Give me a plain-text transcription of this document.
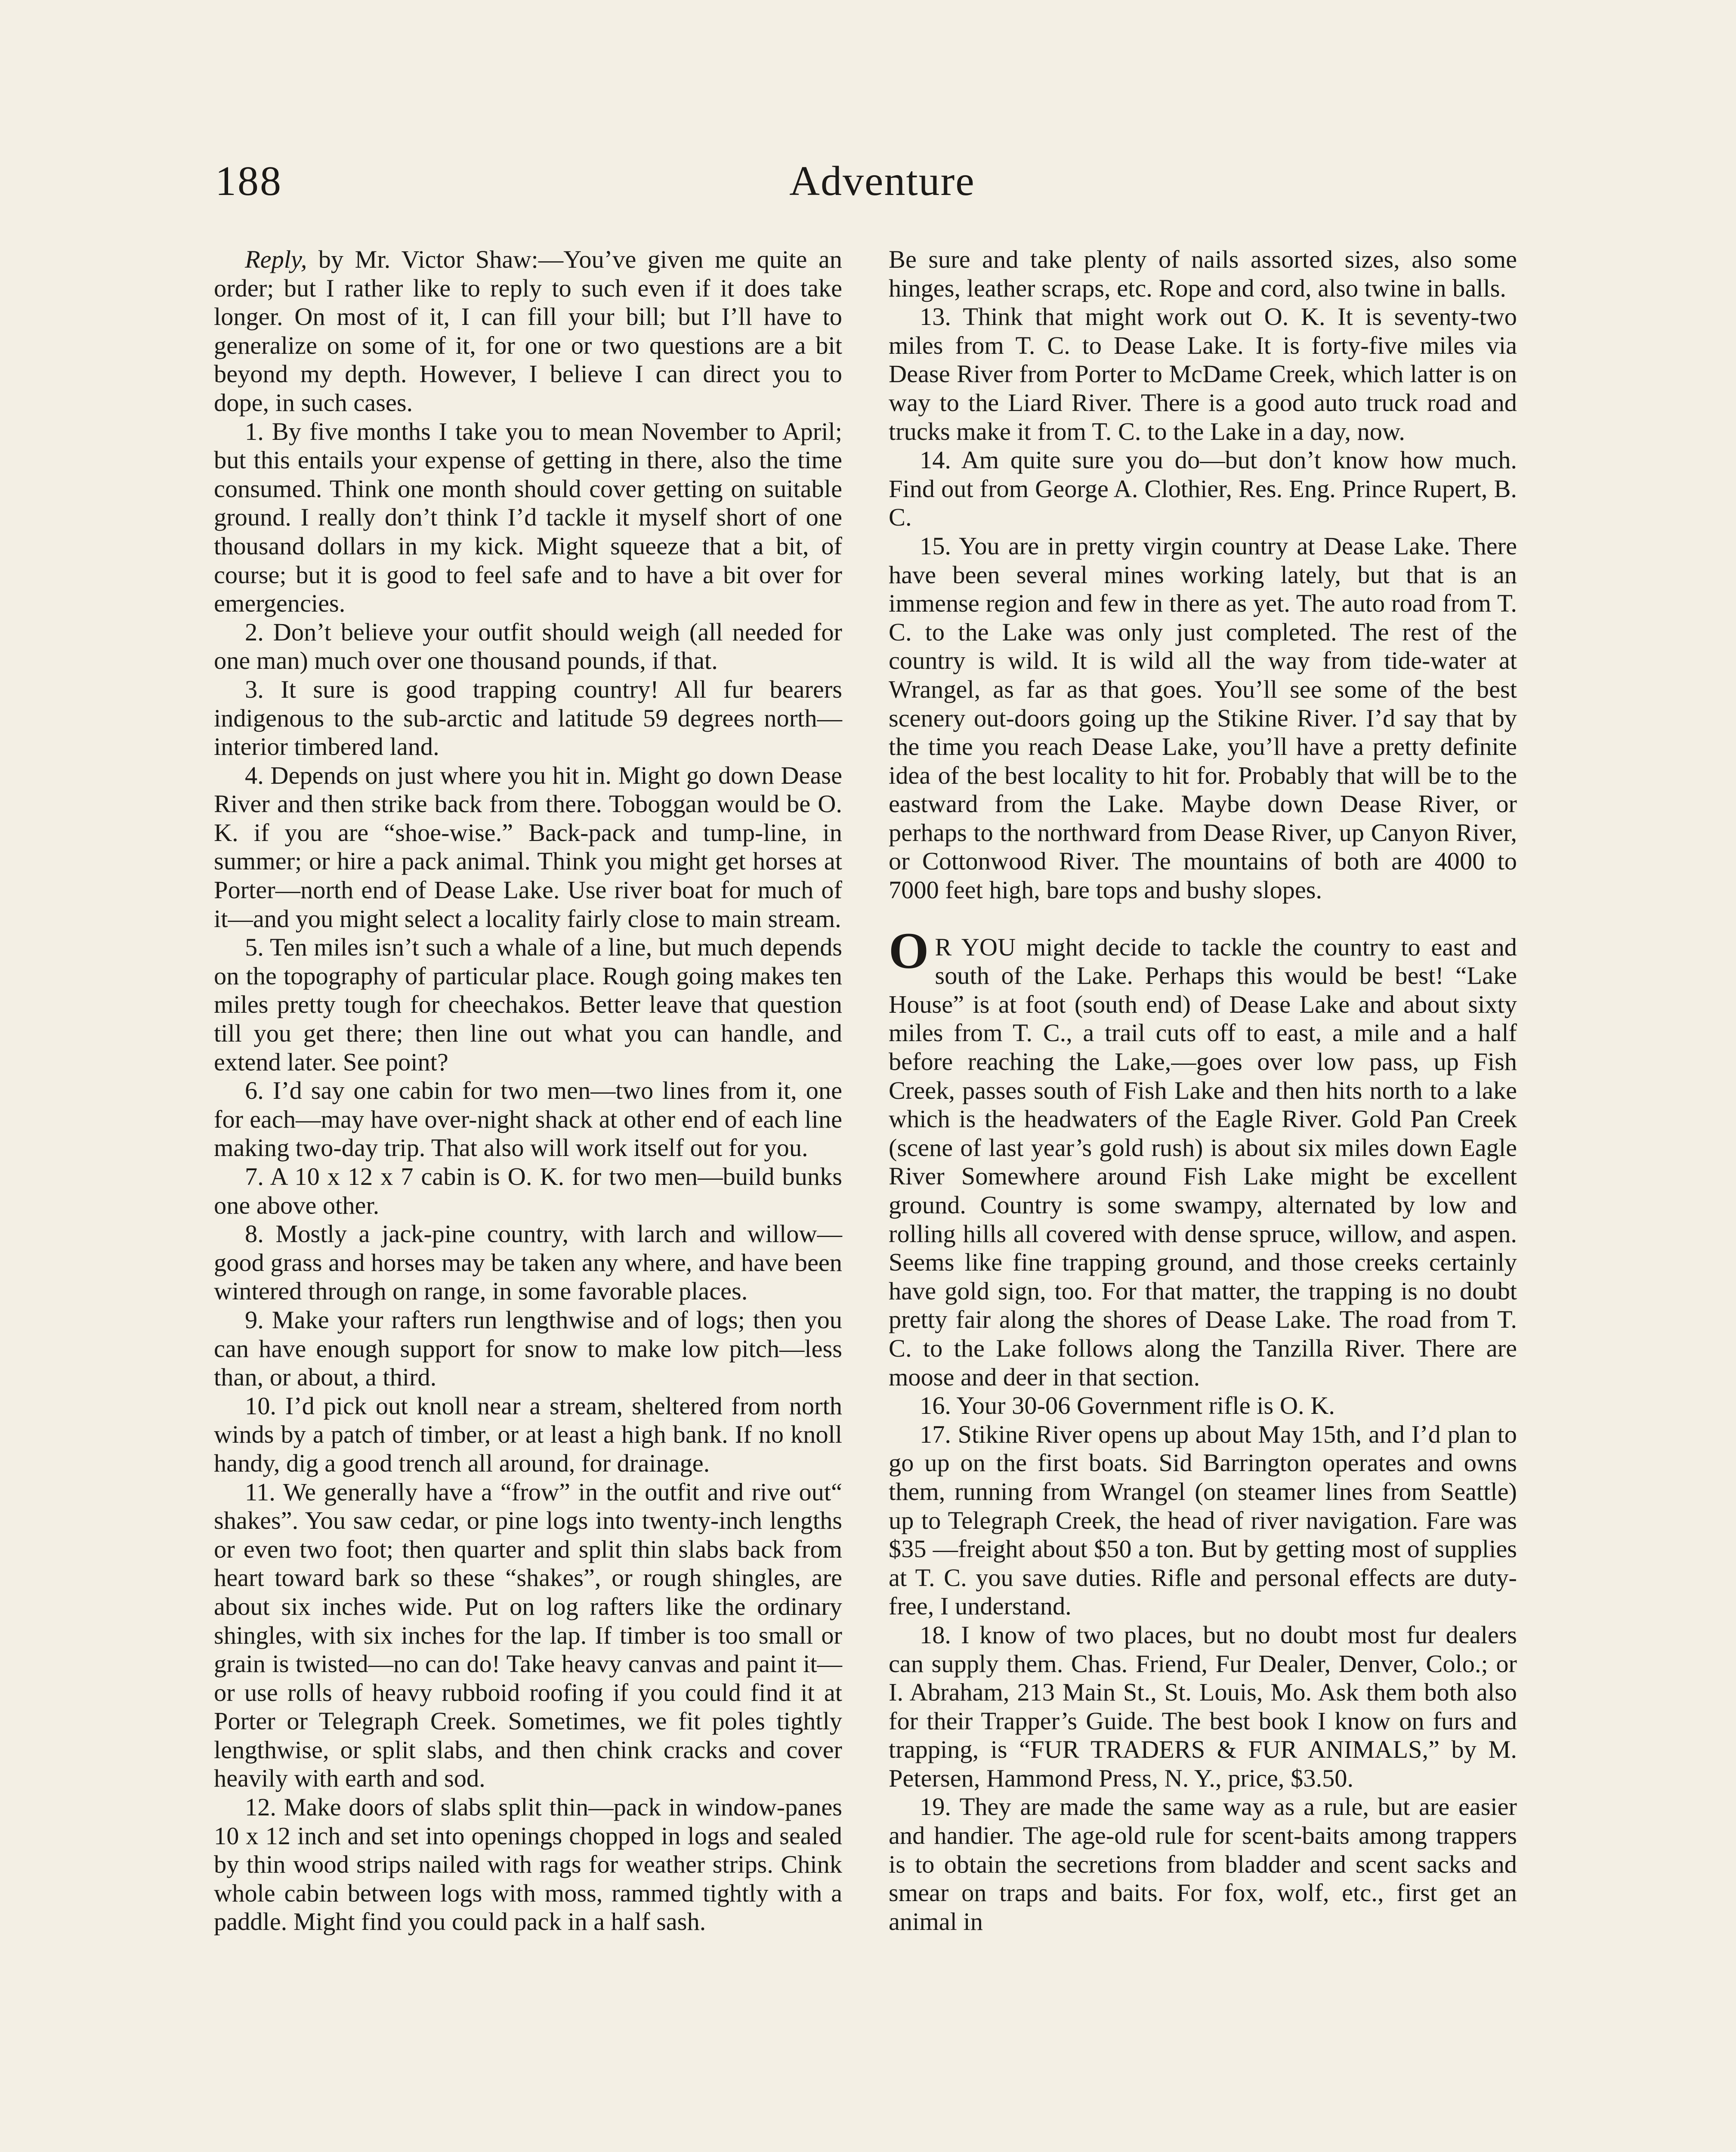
188	Adventure

Reply, by Mr. Victor Shaw:—You’ve given me quite an order; but I rather like to reply to such even if it does take longer. On most of it, I can fill your bill; but I’ll have to generalize on some of it, for one or two questions are a bit beyond my depth. However, I believe I can direct you to dope, in such cases.

1. By five months I take you to mean November to April; but this entails your expense of getting in there, also the time consumed. Think one month should cover getting on suitable ground. I really don’t think I’d tackle it myself short of one thousand dollars in my kick. Might squeeze that a bit, of course; but it is good to feel safe and to have a bit over for emergencies.

2. Don’t believe your outfit should weigh (all needed for one man) much over one thousand pounds, if that.

3. It sure is good trapping country! All fur bearers indigenous to the sub-arctic and latitude 59 degrees north—interior timbered land.

4. Depends on just where you hit in. Might go down Dease River and then strike back from there. Toboggan would be O. K. if you are “shoe-wise.” Back-pack and tump-line, in summer; or hire a pack animal. Think you might get horses at Porter—north end of Dease Lake. Use river boat for much of it—and you might select a locality fairly close to main stream.

5. Ten miles isn’t such a whale of a line, but much depends on the topography of particular place. Rough going makes ten miles pretty tough for cheechakos. Better leave that question till you get there; then line out what you can handle, and extend later. See point?

6. I’d say one cabin for two men—two lines from it, one for each—may have over-night shack at other end of each line making two-day trip. That also will work itself out for you.

7. A 10 x 12 x 7 cabin is O. K. for two men—build bunks one above other.

8. Mostly a jack-pine country, with larch and willow—good grass and horses may be taken any where, and have been wintered through on range, in some favorable places.

9. Make your rafters run lengthwise and of logs; then you can have enough support for snow to make low pitch—less than, or about, a third.

10. I’d pick out knoll near a stream, sheltered from north winds by a patch of timber, or at least a high bank. If no knoll handy, dig a good trench all around, for drainage.

11. We generally have a “frow” in the outfit and rive out“ shakes”. You saw cedar, or pine logs into twenty-inch lengths or even two foot; then quarter and split thin slabs back from heart toward bark so these “shakes”, or rough shingles, are about six inches wide. Put on log rafters like the ordinary shingles, with six inches for the lap. If timber is too small or grain is twisted—no can do! Take heavy canvas and paint it—or use rolls of heavy rubboid roofing if you could find it at Porter or Telegraph Creek. Sometimes, we fit poles tightly lengthwise, or split slabs, and then chink cracks and cover heavily with earth and sod.

12. Make doors of slabs split thin—pack in window-panes 10 x 12 inch and set into openings chopped in logs and sealed by thin wood strips nailed with rags for weather strips. Chink whole cabin between logs with moss, rammed tightly with a paddle. Might find you could pack in a half sash.

Be sure and take plenty of nails assorted sizes, also some hinges, leather scraps, etc. Rope and cord, also twine in balls.

13. Think that might work out O. K. It is seventy-two miles from T. C. to Dease Lake. It is forty-five miles via Dease River from Porter to McDame Creek, which latter is on way to the Liard River. There is a good auto truck road and trucks make it from T. C. to the Lake in a day, now.

14. Am quite sure you do—but don’t know how much. Find out from George A. Clothier, Res. Eng. Prince Rupert, B. C.

15. You are in pretty virgin country at Dease Lake. There have been several mines working lately, but that is an immense region and few in there as yet. The auto road from T. C. to the Lake was only just completed. The rest of the country is wild. It is wild all the way from tide-water at Wrangel, as far as that goes. You’ll see some of the best scenery out-doors going up the Stikine River. I’d say that by the time you reach Dease Lake, you’ll have a pretty definite idea of the best locality to hit for. Probably that will be to the eastward from the Lake. Maybe down Dease River, or perhaps to the northward from Dease River, up Canyon River, or Cottonwood River. The mountains of both are 4000 to 7000 feet high, bare tops and bushy slopes.

O R YOU might decide to tackle the country to east and south of the Lake. Perhaps this would be best! “Lake House” is at foot (south end) of Dease Lake and about sixty miles from T. C., a trail cuts off to east, a mile and a half before reaching the Lake,—goes over low pass, up Fish Creek, passes south of Fish Lake and then hits north to a lake which is the headwaters of the Eagle River. Gold Pan Creek (scene of last year’s gold rush) is about six miles down Eagle River Somewhere around Fish Lake might be excellent ground. Country is some swampy, alternated by low and rolling hills all covered with dense spruce, willow, and aspen. Seems like fine trapping ground, and those creeks certainly have gold sign, too. For that matter, the trapping is no doubt pretty fair along the shores of Dease Lake. The road from T. C. to the Lake follows along the Tanzilla River. There are moose and deer in that section.

16. Your 30-06 Government rifle is O. K.

17. Stikine River opens up about May 15th, and I’d plan to go up on the first boats. Sid Barrington operates and owns them, running from Wrangel (on steamer lines from Seattle) up to Telegraph Creek, the head of river navigation. Fare was $35 —freight about $50 a ton. But by getting most of supplies at T. C. you save duties. Rifle and personal effects are duty-free, I understand.

18. I know of two places, but no doubt most fur dealers can supply them. Chas. Friend, Fur Dealer, Denver, Colo.; or I. Abraham, 213 Main St., St. Louis, Mo. Ask them both also for their Trapper’s Guide. The best book I know on furs and trapping, is “FUR TRADERS & FUR ANIMALS,” by M. Petersen, Hammond Press, N. Y., price, $3.50.

19. They are made the same way as a rule, but are easier and handier. The age-old rule for scent-baits among trappers is to obtain the secretions from bladder and scent sacks and smear on traps and baits. For fox, wolf, etc., first get an animal in
